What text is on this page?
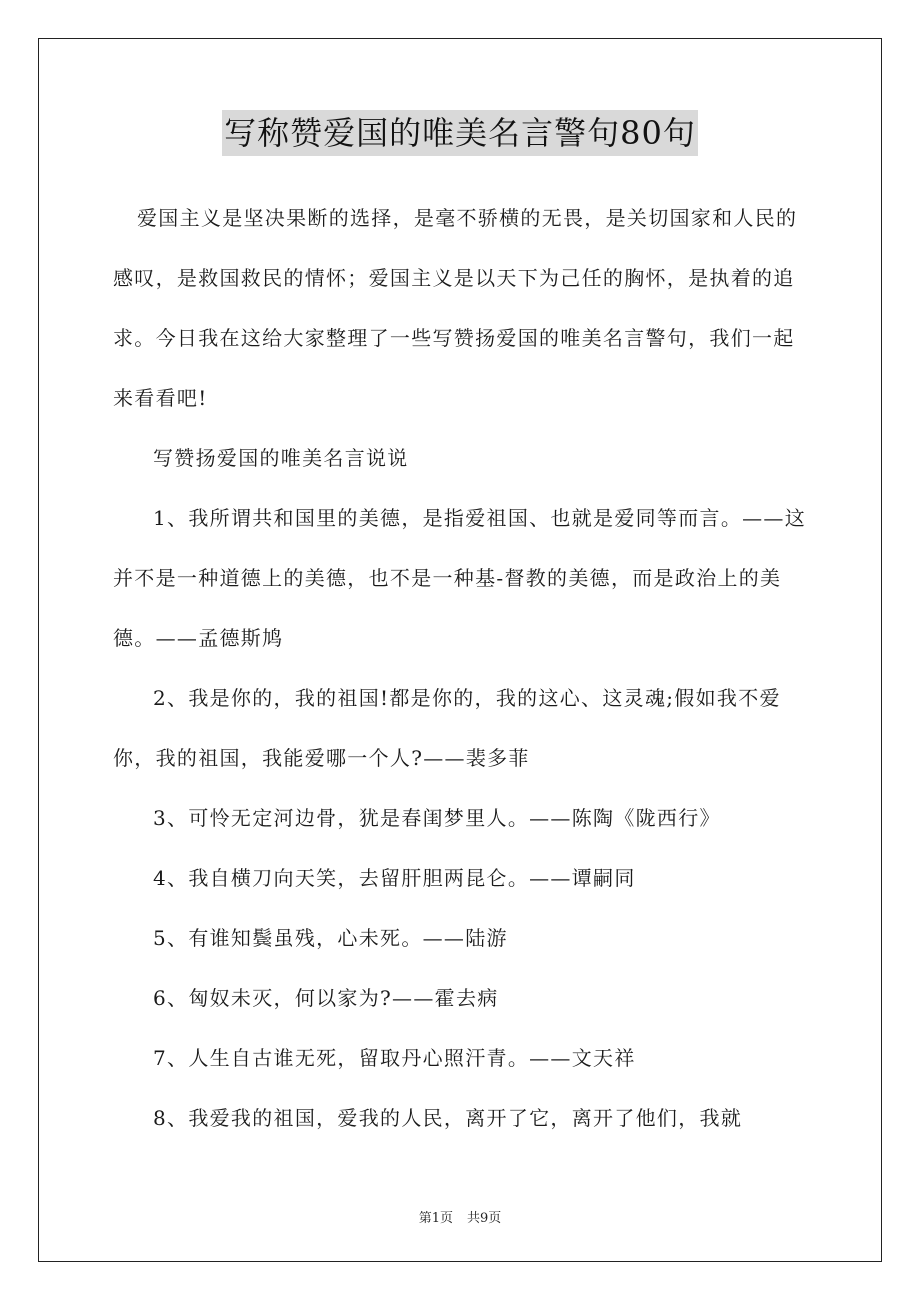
写称赞爱国的唯美名言警句80句

爱国主义是坚决果断的选择，是毫不骄横的无畏，是关切国家和人民的感叹，是救国救民的情怀；爱国主义是以天下为己任的胸怀，是执着的追求。今日我在这给大家整理了一些写赞扬爱国的唯美名言警句，我们一起来看看吧!

写赞扬爱国的唯美名言说说

1、我所谓共和国里的美德，是指爱祖国、也就是爱同等而言。——这并不是一种道德上的美德，也不是一种基-督教的美德，而是政治上的美德。——孟德斯鸠

2、我是你的，我的祖国!都是你的，我的这心、这灵魂;假如我不爱你，我的祖国，我能爱哪一个人?——裴多菲

3、可怜无定河边骨，犹是春闺梦里人。——陈陶《陇西行》

4、我自横刀向天笑，去留肝胆两昆仑。——谭嗣同

5、有谁知鬓虽残，心未死。——陆游

6、匈奴未灭，何以家为?——霍去病

7、人生自古谁无死，留取丹心照汗青。——文天祥

8、我爱我的祖国，爱我的人民，离开了它，离开了他们，我就

第1页 共9页
